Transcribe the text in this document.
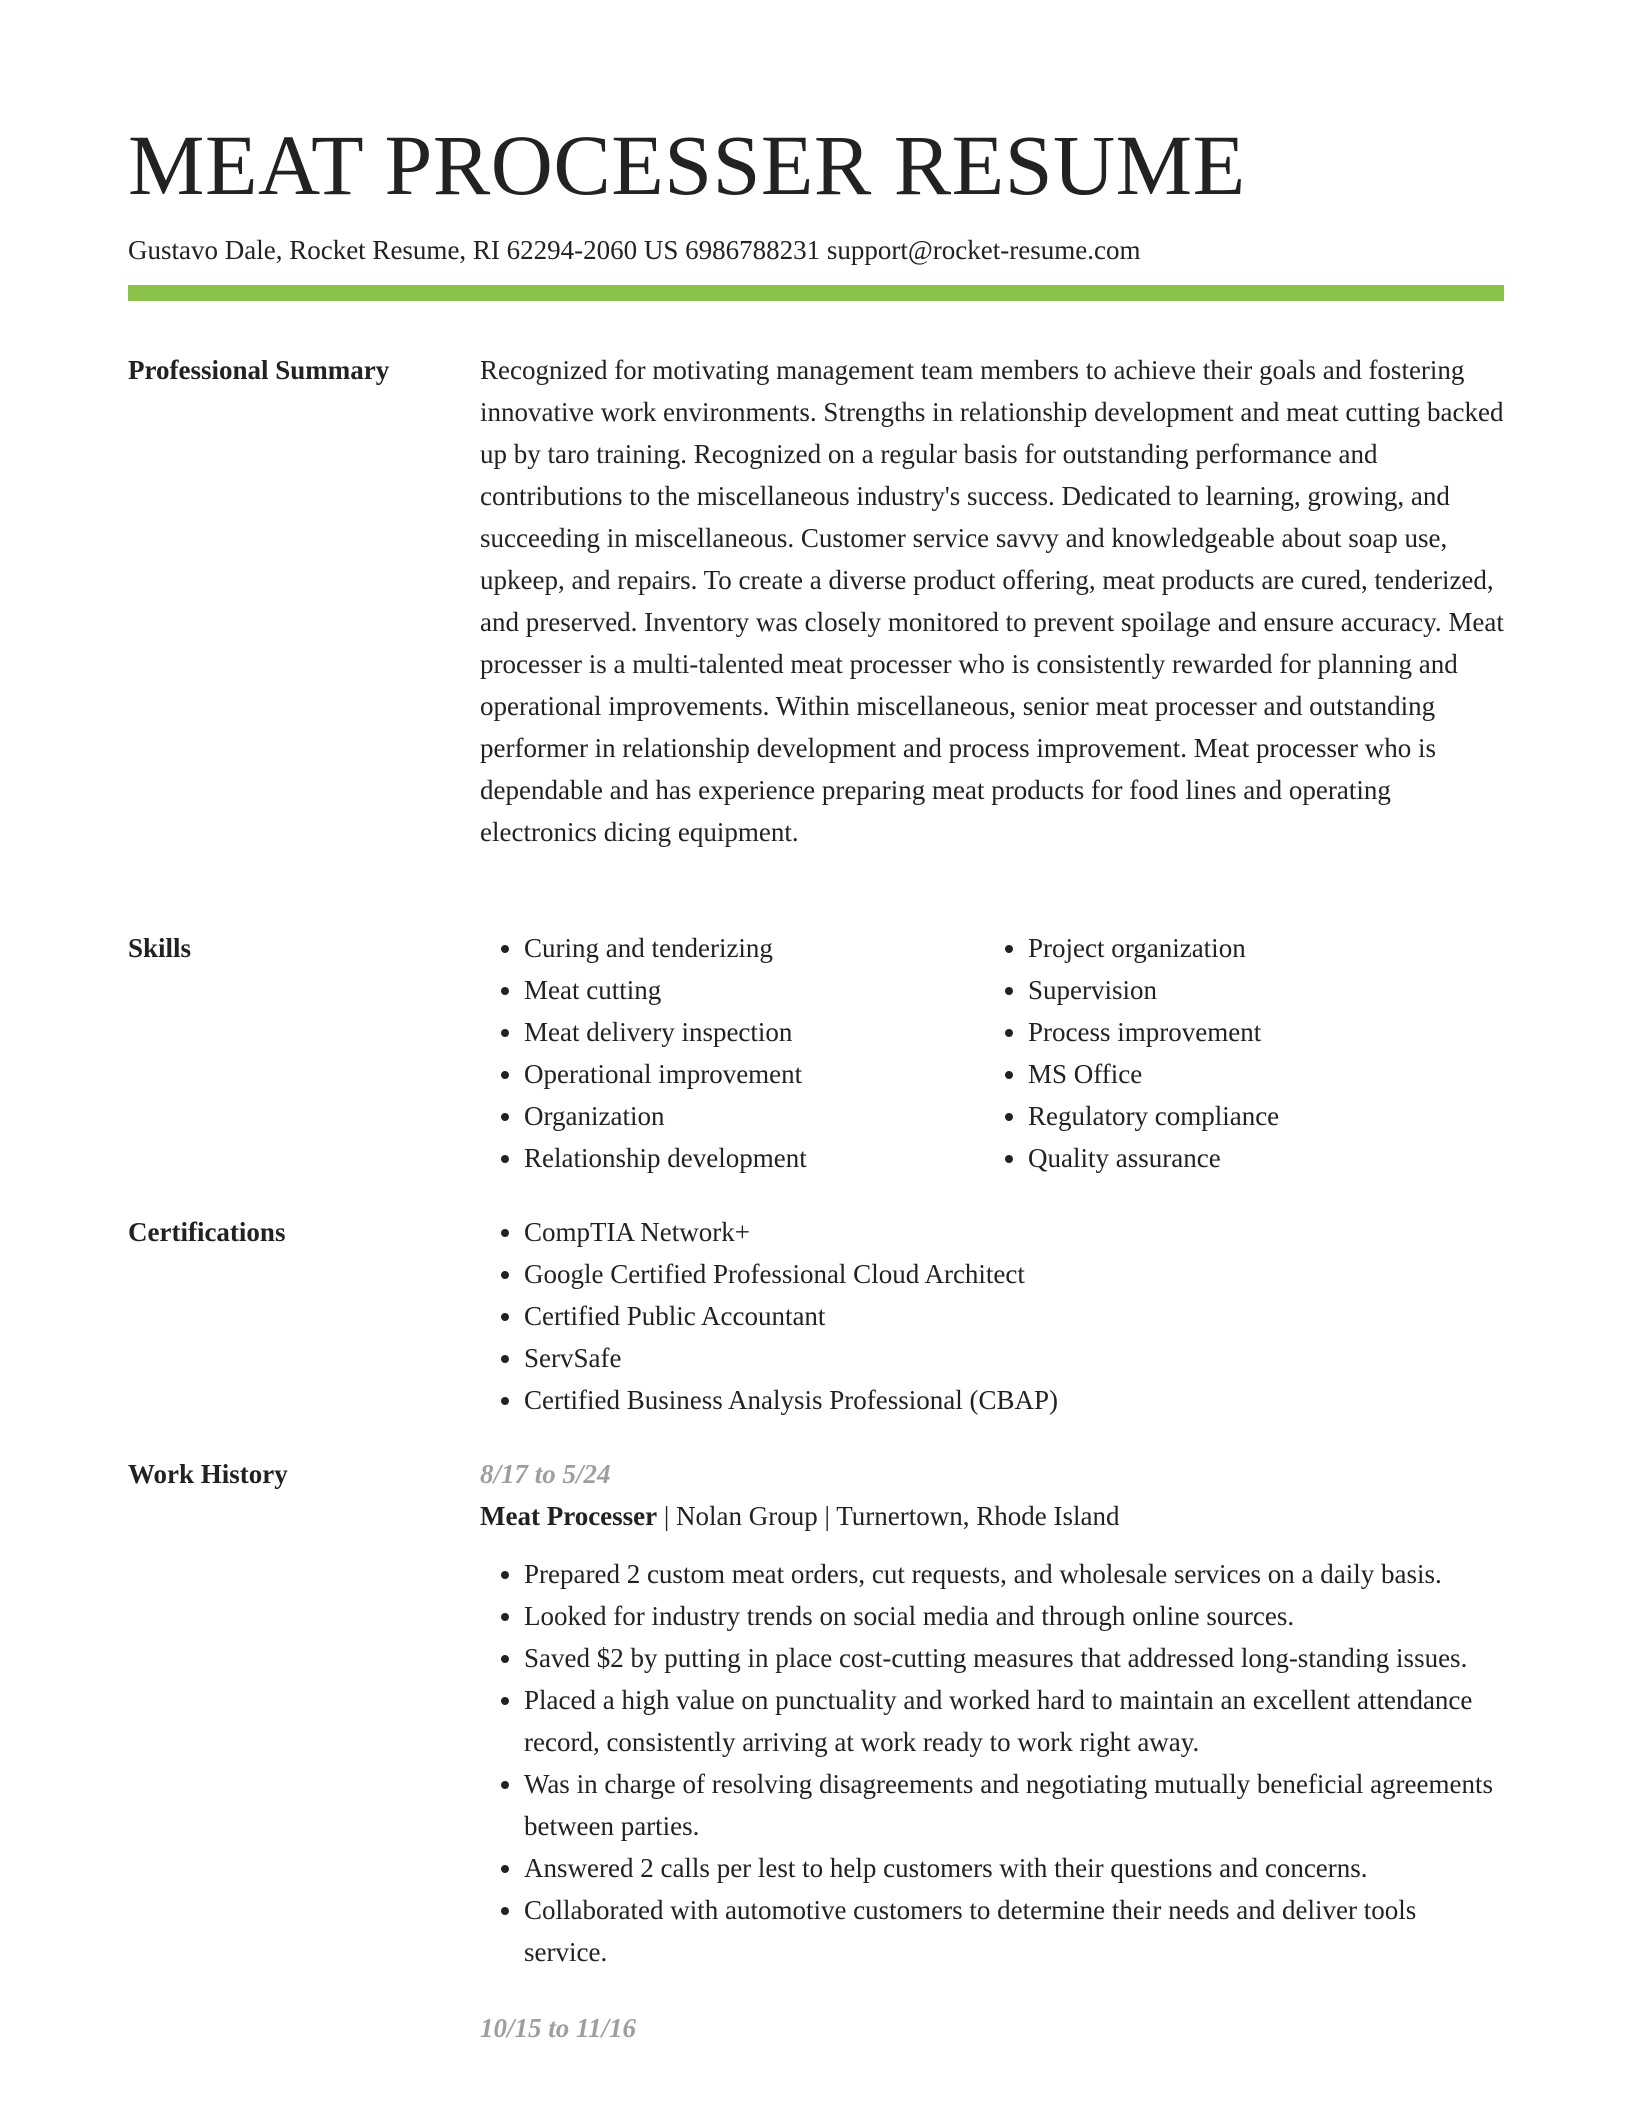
MEAT PROCESSER RESUME
Gustavo Dale, Rocket Resume, RI 62294-2060 US 6986788231 support@rocket-resume.com
Professional Summary	Recognized for motivating management team members to achieve their goals and fostering innovative work environments. Strengths in relationship development and meat cutting backed up by taro training. Recognized on a regular basis for outstanding performance and contributions to the miscellaneous industry's success. Dedicated to learning, growing, and succeeding in miscellaneous. Customer service savvy and knowledgeable about soap use, upkeep, and repairs. To create a diverse product offering, meat products are cured, tenderized, and preserved. Inventory was closely monitored to prevent spoilage and ensure accuracy. Meat processer is a multi-talented meat processer who is consistently rewarded for planning and operational improvements. Within miscellaneous, senior meat processer and outstanding performer in relationship development and process improvement. Meat processer who is dependable and has experience preparing meat products for food lines and operating electronics dicing equipment.

Skills	• Curing and tenderizing
• Meat cutting
• Meat delivery inspection
• Operational improvement
• Organization
• Relationship development
• Project organization
• Supervision
• Process improvement
• MS Office
• Regulatory compliance
• Quality assurance
Certifications	• CompTIA Network+
• Google Certified Professional Cloud Architect
• Certified Public Accountant
• ServSafe
• Certified Business Analysis Professional (CBAP)
Work History	8/17 to 5/24
Meat Processer | Nolan Group | Turnertown, Rhode Island
• Prepared 2 custom meat orders, cut requests, and wholesale services on a daily basis.
• Looked for industry trends on social media and through online sources.
• Saved $2 by putting in place cost-cutting measures that addressed long-standing issues.
• Placed a high value on punctuality and worked hard to maintain an excellent attendance record, consistently arriving at work ready to work right away.
• Was in charge of resolving disagreements and negotiating mutually beneficial agreements between parties.
• Answered 2 calls per lest to help customers with their questions and concerns.
• Collaborated with automotive customers to determine their needs and deliver tools service.
10/15 to 11/16
